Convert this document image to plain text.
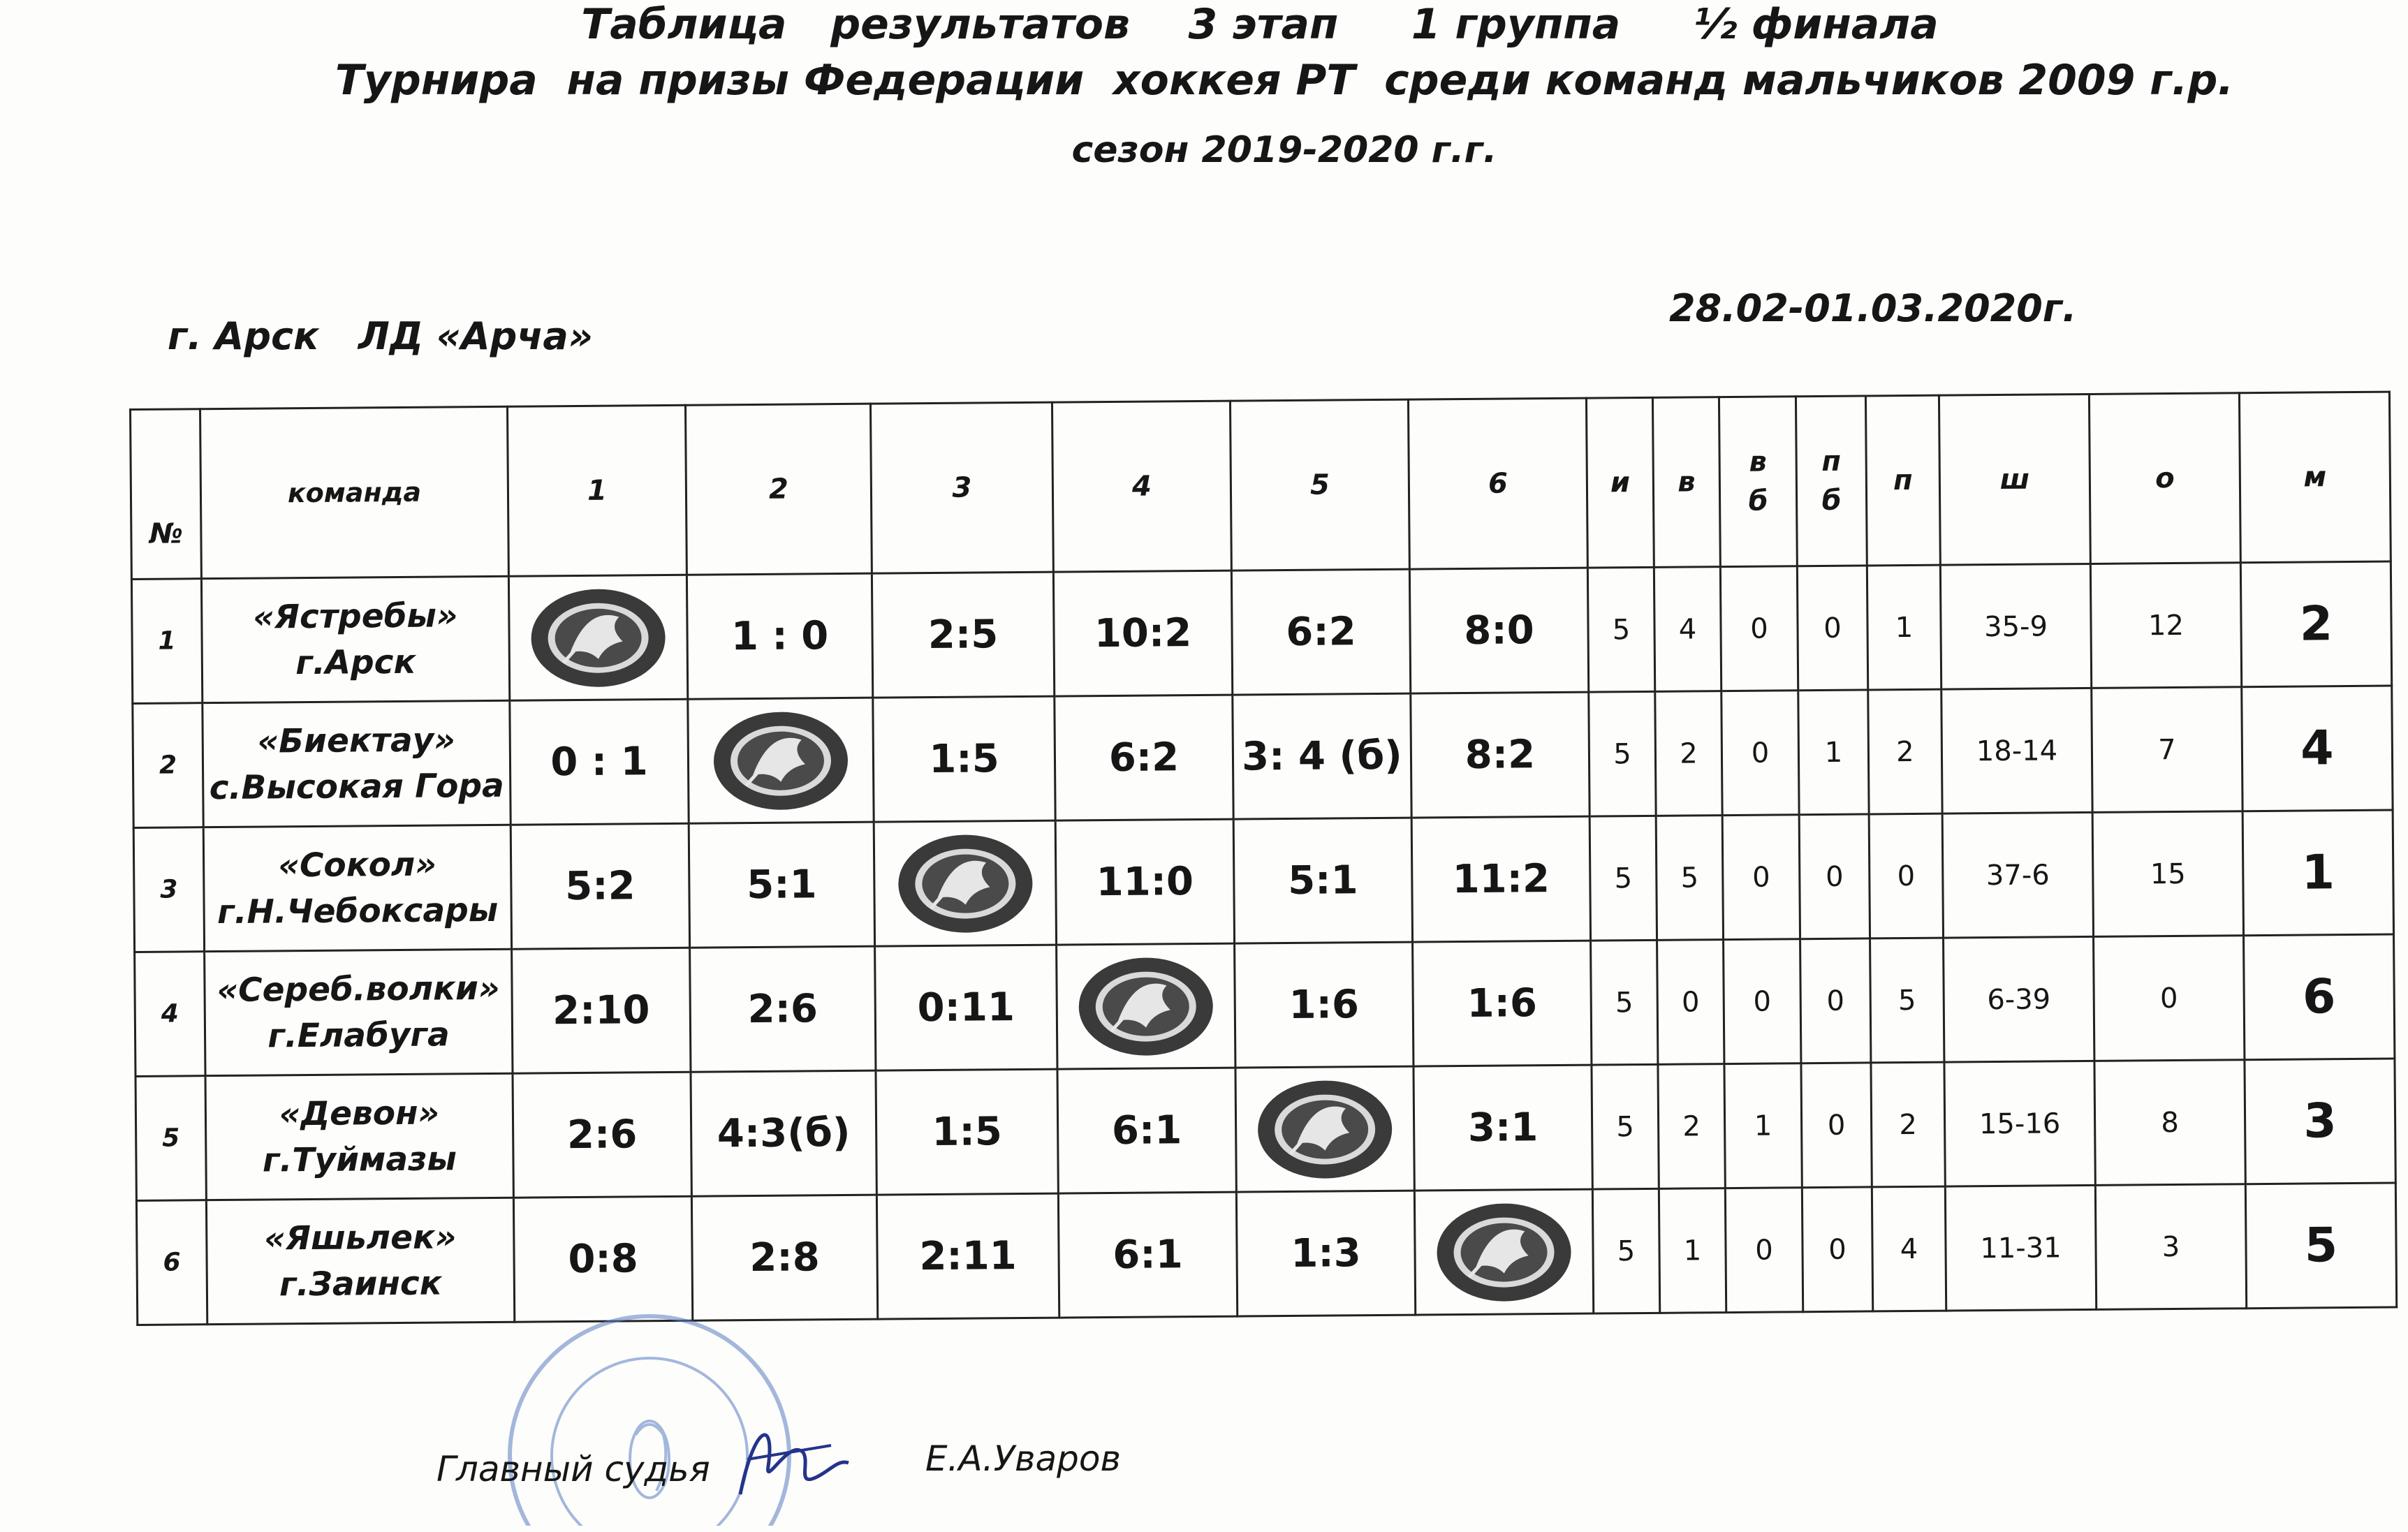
Таблица   результатов    3 этап     1 группа     ½ финала
Турнира  на призы Федерации  хоккея РТ  среди команд мальчиков 2009 г.р.
сезон 2019-2020 г.г.
г. Арск   ЛД «Арча»
28.02-01.03.2020г.
№	команда	1	2	3	4	5	6	и	в	в
б	п
б	п	ш	о	м
1	«Ястребы»
г.Арск		1 : 0	2:5	10:2	6:2	8:0	5	4	0	0	1	35-9	12	2
2	«Биектау»
с.Высокая Гора	0 : 1		1:5	6:2	3: 4 (б)	8:2	5	2	0	1	2	18-14	7	4
3	«Сокол»
г.Н.Чебоксары	5:2	5:1		11:0	5:1	11:2	5	5	0	0	0	37-6	15	1
4	«Сереб.волки»
г.Елабуга	2:10	2:6	0:11		1:6	1:6	5	0	0	0	5	6-39	0	6
5	«Девон»
г.Туймазы	2:6	4:3(б)	1:5	6:1		3:1	5	2	1	0	2	15-16	8	3
6	«Яшьлек»
г.Заинск	0:8	2:8	2:11	6:1	1:3		5	1	0	0	4	11-31	3	5
Главный судья	Е.А.Уваров
